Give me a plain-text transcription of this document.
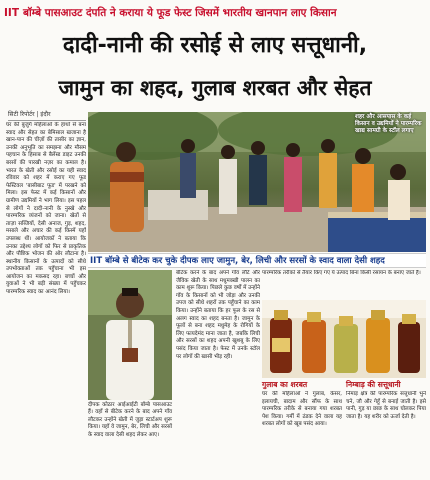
IIT बॉम्बे पासआउट दंपति ने कराया ये फूड फेस्ट जिसमें भारतीय खानपान लाए किसान
दादी-नानी की रसोई से लाए सत्तूधानी,
जामुन का शहद, गुलाब शरबत और सेहत
सिटी रिपोर्टर | इंदौर
घर की बुजुर्ग महिलाओं के हाथों से बना स्वाद और सेहत का बेमिसाल खजाना है खान-पान की चीज़ों की तासीर का ज्ञान, उनकी अनुभूति का समझना और मौसम पहचान के हिसाब से बैलेंस्ड डाइट उनकी बरसों की पारखी नज़र का कमाल है। भारत के खेती और रसोई का यही स्वाद रविवार को शहर में कराए गए फूड फेस्टिवल 'बासीबाट फूड' में परखने को मिला। इस फेस्ट में कई किसानों और ग्रामीण उद्यमियों ने भाग लिया। इस पहल से लोगों ने दादी-नानी के नुस्खे और पारम्परिक व्यंजनों को जाना। खेतों से ताज़ा सब्जियों, देसी अनाज, गुड़, शहद, मसाले और अचार की कई किस्में यहाँ उपलब्ध थीं। आयोजकों ने बताया कि उनका उद्देश्य लोगों को फिर से प्राकृतिक और पौष्टिक भोजन की ओर लौटाना है। स्थानीय किसानों के उत्पादों को सीधे उपभोक्ताओं तक पहुँचाना भी इस आयोजन का मकसद रहा। बच्चों और युवाओं ने भी बड़ी संख्या में पहुँचकर पारम्परिक स्वाद का आनंद लिया।
शहर और आसपास के कई किसान व उद्यमियों ने पारम्परिक खाद्य सामग्री के स्टॉल लगाए
IIT बॉम्बे से बीटेक कर चुके दीपक लाए जामुन, बेर, लिची और सरसों के स्वाद वाला देसी शहद
दीपक कोठार आईआईटी बॉम्बे पासआउट हैं। वहाँ से बीटेक करने के बाद अपने गाँव लौटकर उन्होंने खेती में जुड़ा स्टार्टअप शुरू किया। यहाँ वे जामुन, बेर, लिची और सरसों के स्वाद वाला देसी शहद लेकर आए।
बीटेक करने के बाद अपने गाँव लौटे और जैविक खेती के साथ मधुमक्खी पालन का काम शुरू किया। पिछले कुछ वर्षों में उन्होंने गाँव के किसानों को भी जोड़ा और उनकी उपज को सीधे शहरों तक पहुँचाने का काम किया। उन्होंने बताया कि हर फूल के रस से अलग स्वाद का शहद बनता है। जामुन के फूलों से बना शहद मधुमेह के रोगियों के लिए फायदेमंद माना जाता है, जबकि लिची और सरसों का शहद अपनी खुशबू के लिए पसंद किया जाता है। फेस्ट में उनके स्टॉल पर लोगों की खासी भीड़ रही।
पारम्परिक तरीकों से तैयार किए गए ये उत्पाद बिना किसी रसायन के बनाए जाते हैं।
गुलाब का शरबत	निम्बाड़ की सत्तूधानी
घर की महिलाओं ने गुलाब, केसर, इलायची, बादाम और सौंफ के साथ पारम्परिक तरीके से बनाया गया शरबत पेश किया। गर्मी में ठंडक देने वाला यह शरबत लोगों को खूब पसंद आया।
निमाड़ क्षेत्र की पारम्परिक सत्तूधानी भुने चने, जौ और गेहूँ से बनाई जाती है। इसे पानी, गुड़ या छाछ के साथ घोलकर पिया जाता है। यह शरीर को ऊर्जा देती है।
